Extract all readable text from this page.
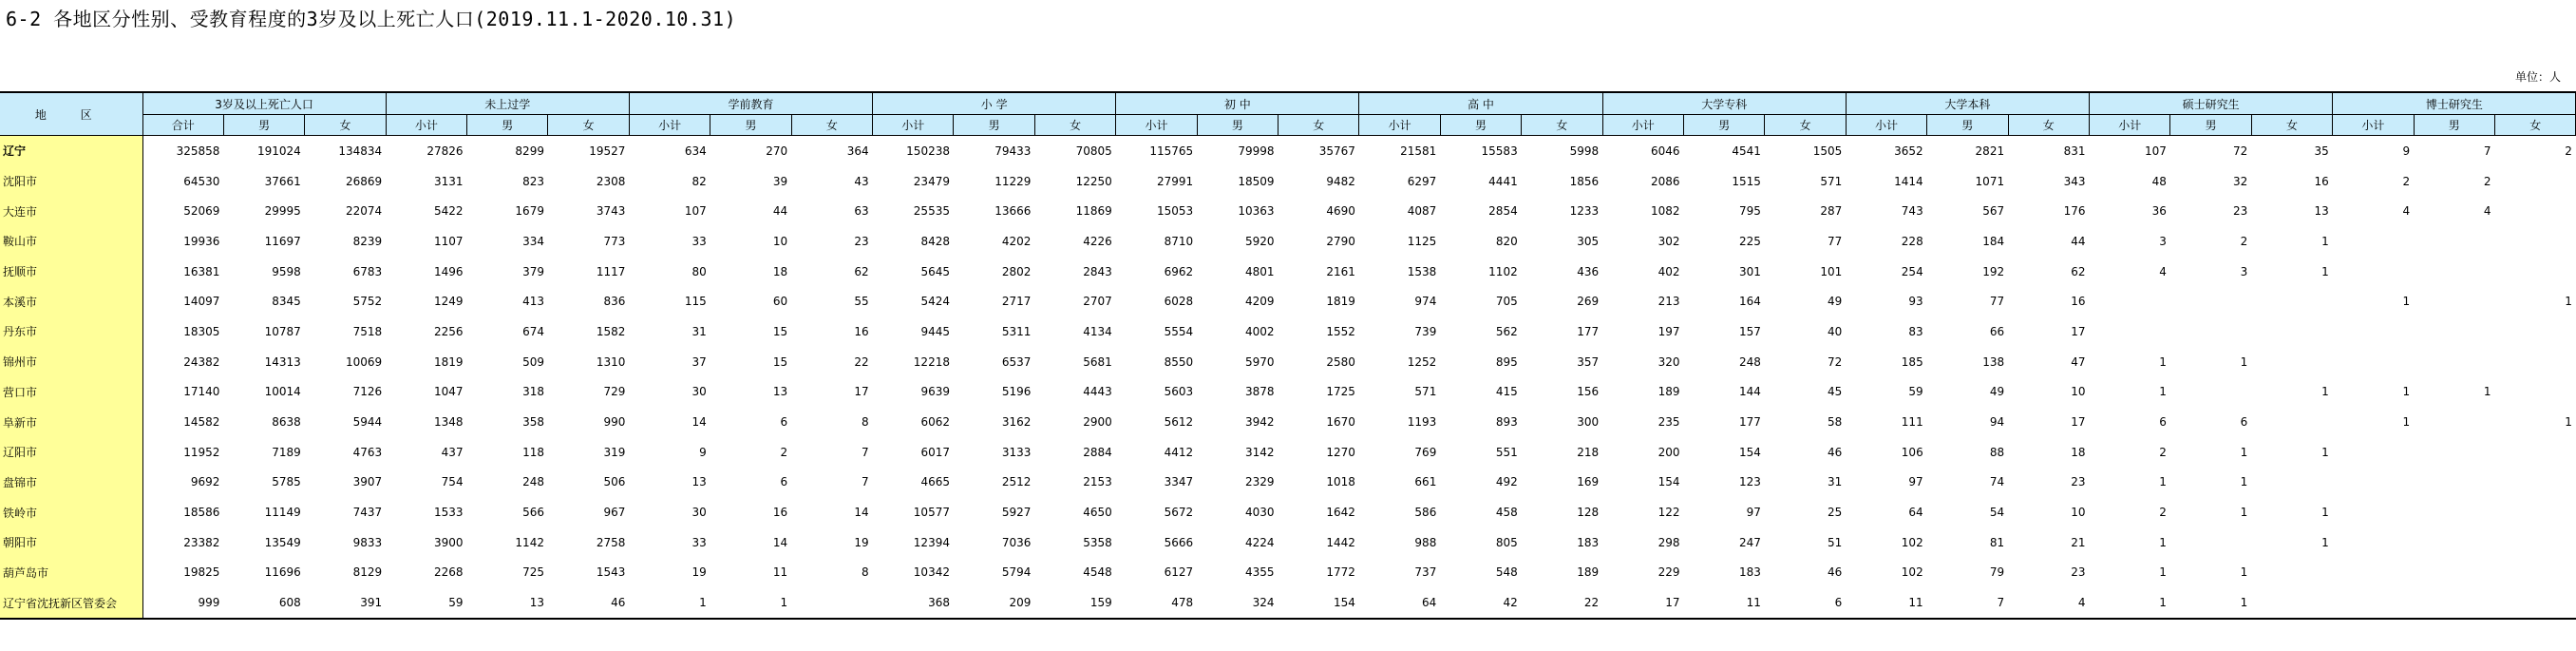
6-2 各地区分性别、受教育程度的3岁及以上死亡人口(2019.11.1-2020.10.31)
单位：人
地 区	3岁及以上死亡人口			未上过学			学前教育			小 学			初 中			高 中			大学专科			大学本科			硕士研究生			博士研究生		
	合计	男	女	小计	男	女	小计	男	女	小计	男	女	小计	男	女	小计	男	女	小计	男	女	小计	男	女	小计	男	女	小计	男	女
辽宁	325858	191024	134834	27826	8299	19527	634	270	364	150238	79433	70805	115765	79998	35767	21581	15583	5998	6046	4541	1505	3652	2821	831	107	72	35	9	7	2
沈阳市	64530	37661	26869	3131	823	2308	82	39	43	23479	11229	12250	27991	18509	9482	6297	4441	1856	2086	1515	571	1414	1071	343	48	32	16	2	2	
大连市	52069	29995	22074	5422	1679	3743	107	44	63	25535	13666	11869	15053	10363	4690	4087	2854	1233	1082	795	287	743	567	176	36	23	13	4	4	
鞍山市	19936	11697	8239	1107	334	773	33	10	23	8428	4202	4226	8710	5920	2790	1125	820	305	302	225	77	228	184	44	3	2	1			
抚顺市	16381	9598	6783	1496	379	1117	80	18	62	5645	2802	2843	6962	4801	2161	1538	1102	436	402	301	101	254	192	62	4	3	1			
本溪市	14097	8345	5752	1249	413	836	115	60	55	5424	2717	2707	6028	4209	1819	974	705	269	213	164	49	93	77	16				1		1
丹东市	18305	10787	7518	2256	674	1582	31	15	16	9445	5311	4134	5554	4002	1552	739	562	177	197	157	40	83	66	17						
锦州市	24382	14313	10069	1819	509	1310	37	15	22	12218	6537	5681	8550	5970	2580	1252	895	357	320	248	72	185	138	47	1	1				
营口市	17140	10014	7126	1047	318	729	30	13	17	9639	5196	4443	5603	3878	1725	571	415	156	189	144	45	59	49	10	1		1	1	1	
阜新市	14582	8638	5944	1348	358	990	14	6	8	6062	3162	2900	5612	3942	1670	1193	893	300	235	177	58	111	94	17	6	6		1		1
辽阳市	11952	7189	4763	437	118	319	9	2	7	6017	3133	2884	4412	3142	1270	769	551	218	200	154	46	106	88	18	2	1	1			
盘锦市	9692	5785	3907	754	248	506	13	6	7	4665	2512	2153	3347	2329	1018	661	492	169	154	123	31	97	74	23	1	1				
铁岭市	18586	11149	7437	1533	566	967	30	16	14	10577	5927	4650	5672	4030	1642	586	458	128	122	97	25	64	54	10	2	1	1			
朝阳市	23382	13549	9833	3900	1142	2758	33	14	19	12394	7036	5358	5666	4224	1442	988	805	183	298	247	51	102	81	21	1		1			
葫芦岛市	19825	11696	8129	2268	725	1543	19	11	8	10342	5794	4548	6127	4355	1772	737	548	189	229	183	46	102	79	23	1	1				
辽宁省沈抚新区管委会	999	608	391	59	13	46	1	1		368	209	159	478	324	154	64	42	22	17	11	6	11	7	4	1	1				
